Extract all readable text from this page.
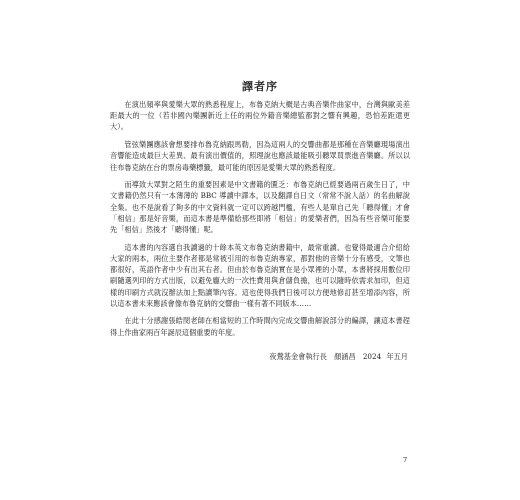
譯者序

在演出頻率與愛樂大眾的熟悉程度上，布魯克納大概是古典音樂作曲家中，台灣與歐美差距最大的一位（若非國內樂團新近上任的兩位外籍音樂總監都對之響有興趣，恐怕差距還更大）。

管弦樂團應該會想要排布魯克納跟馬勒，因為這兩人的交響曲都是那種在音樂廳現場演出音響能造成最巨大差異、最有演出價值的，照理說也應該最能吸引聽眾買票進音樂廳。所以以往布魯克納在台的票房毒藥標籤，最可能的原因是愛樂大眾的熟悉程度。

而導致大眾對之陌生的重要因素是中文書籍的匱乏：布魯克納已經要過兩百歲生日了，中文書籍仍然只有一本薄薄的 BBC 導讀中譯本，以及翻譯自日文（常常不說人話）的名曲解說全集。也不是說看了夠多的中文資料就一定可以跨越門檻，有些人是單自己先「聽得懂」才會「相信」那是好音樂，而這本書是準備給那些即將「相信」的愛樂者們，因為有些音樂可能要先「相信」然後才「聽得懂」呢。

這本書的內容選自我讀過的十餘本英文布魯克納書籍中，最常重讀、也覺得最適合介紹給大家的兩本，兩位主要作者都是常被引用的布魯克納專家，都對他的音樂十分有感受，文筆也都很好，英語作者中少有出其右者。但由於布魯克納實在是小眾裡的小眾，本書將採用數位印刷隨選列印的方式出版，以避免龐大的一次性費用與倉儲負擔，也可以隨時依需求加印，但這樣的印刷方式就沒辦法加上點讀筆內容。這也使得我們日後可以方便地修訂甚至增添內容，所以這本書未來應該會像布魯克納的交響曲一樣有著不同版本……

在此十分感謝張皓閔老師在相當短的工作時間內完成交響曲解說部分的編譯，讓這本書趕得上作曲家兩百年誕辰這個重要的年度。

夜鶯基金會執行長　顏涵昌　2024 年五月
7
